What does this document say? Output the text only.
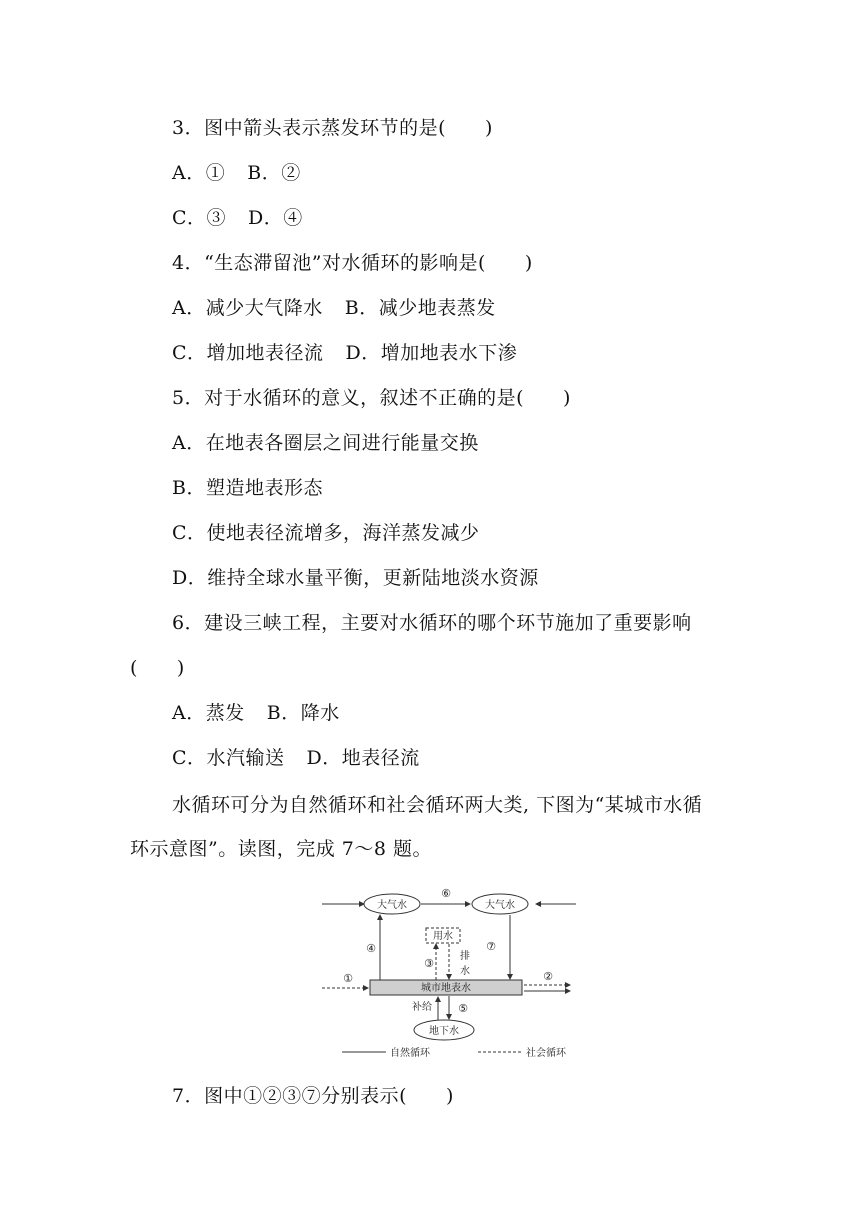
3．图中箭头表示蒸发环节的是(　　)
A．① B．②
C．③ D．④
4．“生态滞留池”对水循环的影响是(　　)
A．减少大气降水 B．减少地表蒸发
C．增加地表径流 D．增加地表水下渗
5．对于水循环的意义，叙述不正确的是(　　)
A．在地表各圈层之间进行能量交换
B．塑造地表形态
C．使地表径流增多，海洋蒸发减少
D．维持全球水量平衡，更新陆地淡水资源
6．建设三峡工程，主要对水循环的哪个环节施加了重要影响
(　　)
A．蒸发 B．降水
C．水汽输送 D．地表径流
水循环可分为自然循环和社会循环两大类, 下图为“某城市水循
环示意图”。读图，完成 7～8 题。
大气水	大气水
⑥
用水
③
排
水
④	⑦
城市地表水
①	②
地下水
补给 ⑤
自然循环	社会循环
7．图中①②③⑦分别表示(　　)
